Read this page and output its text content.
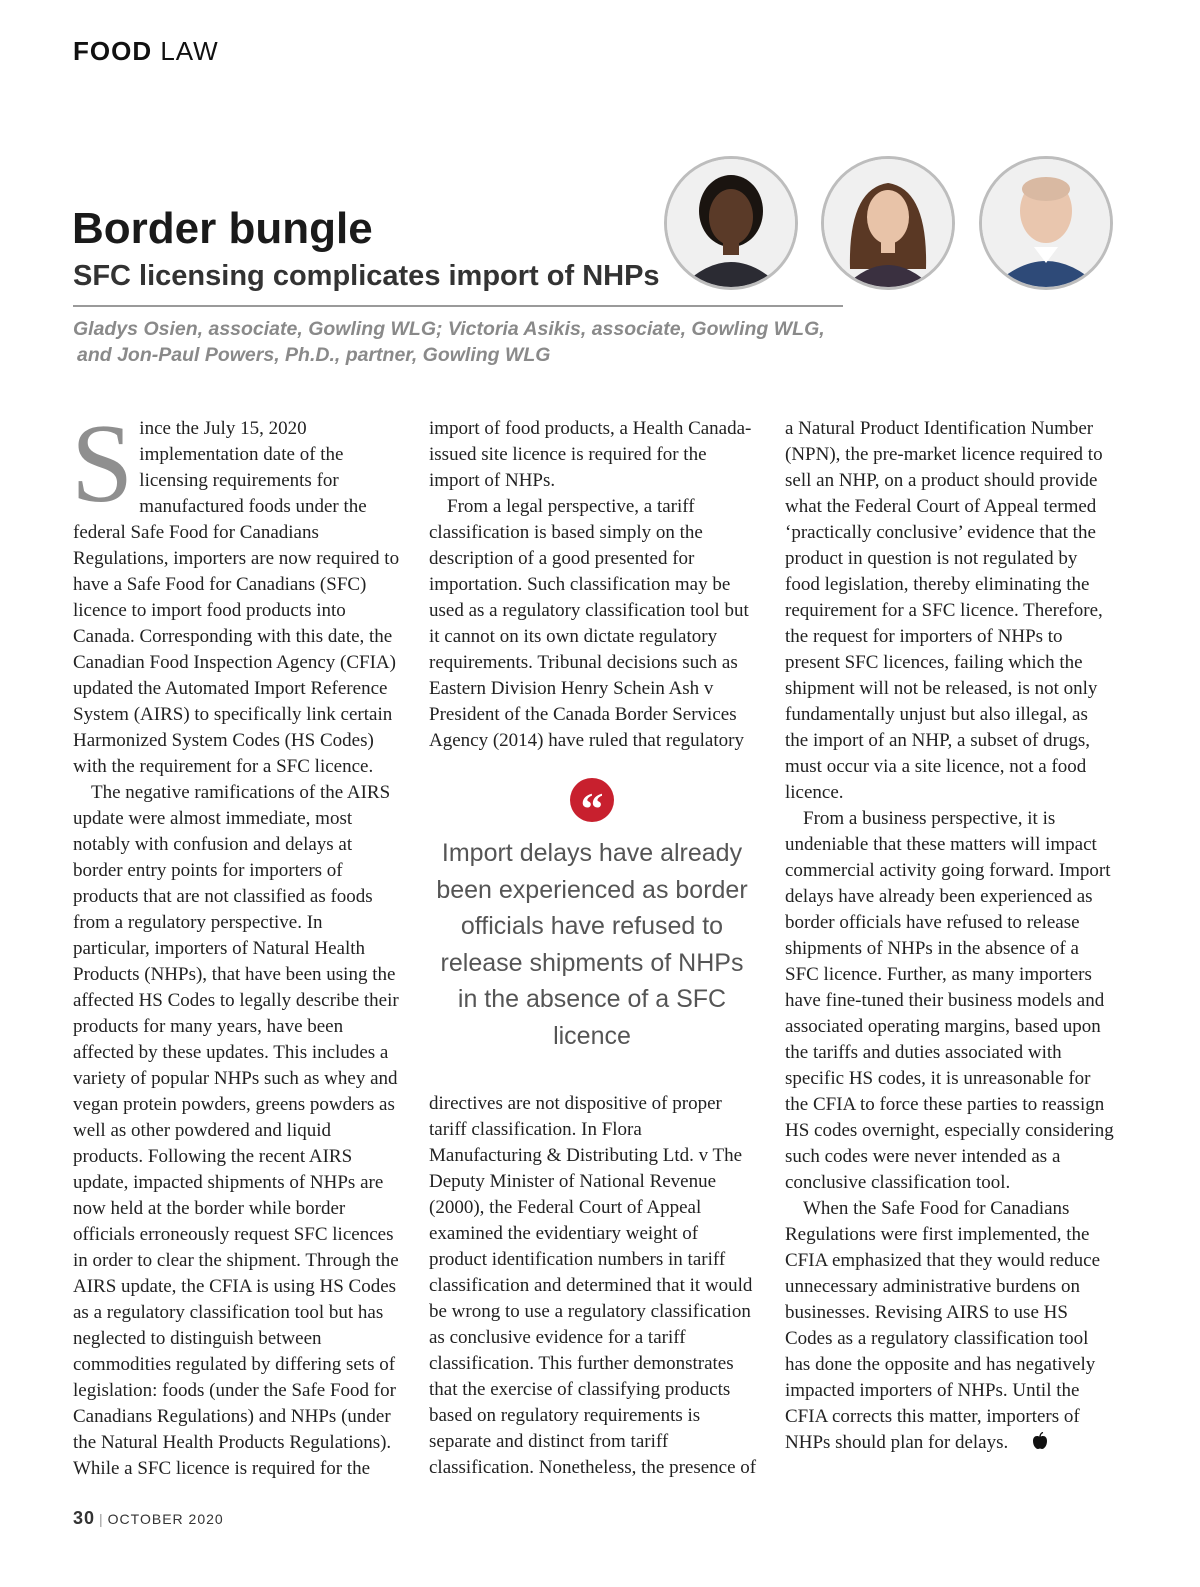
FOOD LAW
Border bungle
SFC licensing complicates import of NHPs
Gladys Osien, associate, Gowling WLG; Victoria Asikis, associate, Gowling WLG,
and Jon-Paul Powers, Ph.D., partner, Gowling WLG

Since the July 15, 2020 implementation date of the licensing requirements for manufactured foods under the federal Safe Food for Canadians Regulations, importers are now required to have a Safe Food for Canadians (SFC) licence to import food products into Canada. Corresponding with this date, the Canadian Food Inspection Agency (CFIA) updated the Automated Import Reference System (AIRS) to specifically link certain Harmonized System Codes (HS Codes) with the requirement for a SFC licence.

The negative ramifications of the AIRS update were almost immediate, most notably with confusion and delays at border entry points for importers of products that are not classified as foods from a regulatory perspective. In particular, importers of Natural Health Products (NHPs), that have been using the affected HS Codes to legally describe their products for many years, have been affected by these updates. This includes a variety of popular NHPs such as whey and vegan protein powders, greens powders as well as other powdered and liquid products. Following the recent AIRS update, impacted shipments of NHPs are now held at the border while border officials erroneously request SFC licences in order to clear the shipment. Through the AIRS update, the CFIA is using HS Codes as a regulatory classification tool but has neglected to distinguish between commodities regulated by differing sets of legislation: foods (under the Safe Food for Canadians Regulations) and NHPs (under the Natural Health Products Regulations). While a SFC licence is required for the

import of food products, a Health Canada-issued site licence is required for the import of NHPs.

From a legal perspective, a tariff classification is based simply on the description of a good presented for importation. Such classification may be used as a regulatory classification tool but it cannot on its own dictate regulatory requirements. Tribunal decisions such as Eastern Division Henry Schein Ash v President of the Canada Border Services Agency (2014) have ruled that regulatory

“
Import delays have already been experienced as border officials have refused to release shipments of NHPs in the absence of a SFC licence

directives are not dispositive of proper tariff classification. In Flora Manufacturing & Distributing Ltd. v The Deputy Minister of National Revenue (2000), the Federal Court of Appeal examined the evidentiary weight of product identification numbers in tariff classification and determined that it would be wrong to use a regulatory classification as conclusive evidence for a tariff classification. This further demonstrates that the exercise of classifying products based on regulatory requirements is separate and distinct from tariff classification. Nonetheless, the presence of

a Natural Product Identification Number (NPN), the pre-market licence required to sell an NHP, on a product should provide what the Federal Court of Appeal termed ‘practically conclusive’ evidence that the product in question is not regulated by food legislation, thereby eliminating the requirement for a SFC licence. Therefore, the request for importers of NHPs to present SFC licences, failing which the shipment will not be released, is not only fundamentally unjust but also illegal, as the import of an NHP, a subset of drugs, must occur via a site licence, not a food licence.

From a business perspective, it is undeniable that these matters will impact commercial activity going forward. Import delays have already been experienced as border officials have refused to release shipments of NHPs in the absence of a SFC licence. Further, as many importers have fine-tuned their business models and associated operating margins, based upon the tariffs and duties associated with specific HS codes, it is unreasonable for the CFIA to force these parties to reassign HS codes overnight, especially considering such codes were never intended as a conclusive classification tool.

When the Safe Food for Canadians Regulations were first implemented, the CFIA emphasized that they would reduce unnecessary administrative burdens on businesses. Revising AIRS to use HS Codes as a regulatory classification tool has done the opposite and has negatively impacted importers of NHPs. Until the CFIA corrects this matter, importers of NHPs should plan for delays.

30 | OCTOBER 2020
